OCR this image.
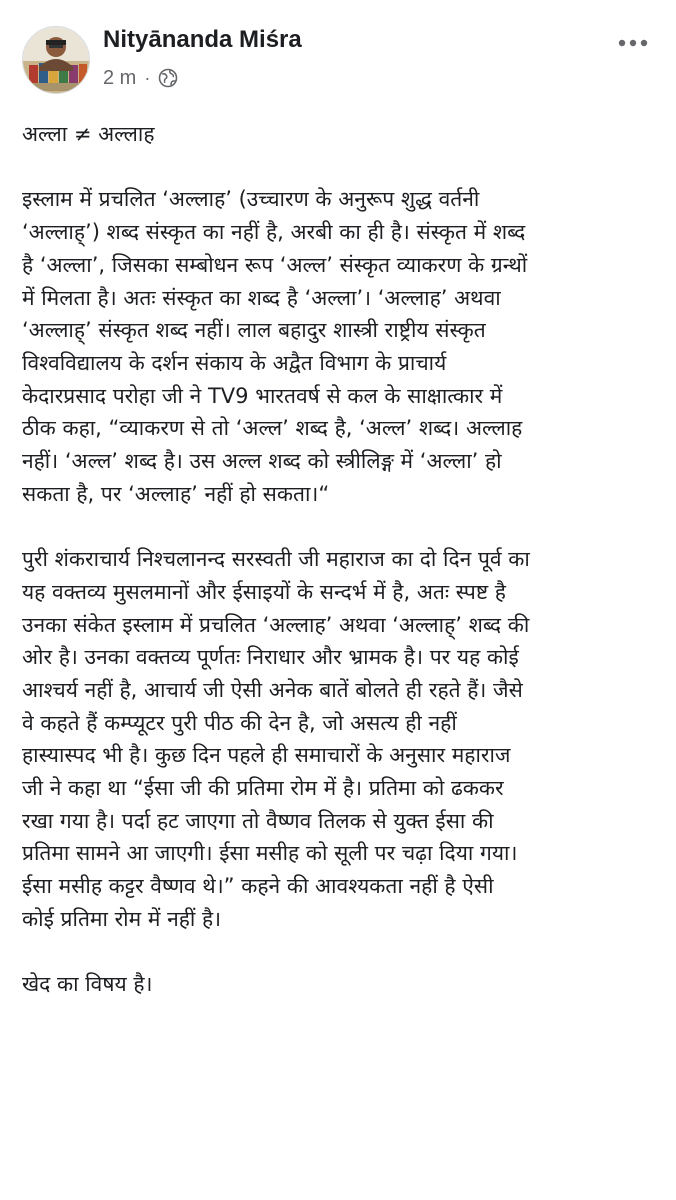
Nityānanda Miśra
2 m ·

अल्ला ≠ अल्लाह

इस्लाम में प्रचलित ‘अल्लाह’ (उच्चारण के अनुरूप शुद्ध वर्तनी
‘अल्लाह्’) शब्द संस्कृत का नहीं है, अरबी का ही है। संस्कृत में शब्द
है ‘अल्ला’, जिसका सम्बोधन रूप ‘अल्ल’ संस्कृत व्याकरण के ग्रन्थों
में मिलता है। अतः संस्कृत का शब्द है ‘अल्ला’। ‘अल्लाह’ अथवा
‘अल्लाह्’ संस्कृत शब्द नहीं। लाल बहादुर शास्त्री राष्ट्रीय संस्कृत
विश्वविद्यालय के दर्शन संकाय के अद्वैत विभाग के प्राचार्य
केदारप्रसाद परोहा जी ने TV9 भारतवर्ष से कल के साक्षात्कार में
ठीक कहा, “व्याकरण से तो ‘अल्ल’ शब्द है, ‘अल्ल’ शब्द। अल्लाह
नहीं। ‘अल्ल’ शब्द है। उस अल्ल शब्द को स्त्रीलिङ्ग में ‘अल्ला’ हो
सकता है, पर ‘अल्लाह’ नहीं हो सकता।“

पुरी शंकराचार्य निश्चलानन्द सरस्वती जी महाराज का दो दिन पूर्व का
यह वक्तव्य मुसलमानों और ईसाइयों के सन्दर्भ में है, अतः स्पष्ट है
उनका संकेत इस्लाम में प्रचलित ‘अल्लाह’ अथवा ‘अल्लाह्’ शब्द की
ओर है। उनका वक्तव्य पूर्णतः निराधार और भ्रामक है। पर यह कोई
आश्चर्य नहीं है, आचार्य जी ऐसी अनेक बातें बोलते ही रहते हैं। जैसे
वे कहते हैं कम्प्यूटर पुरी पीठ की देन है, जो असत्य ही नहीं
हास्यास्पद भी है। कुछ दिन पहले ही समाचारों के अनुसार महाराज
जी ने कहा था “ईसा जी की प्रतिमा रोम में है। प्रतिमा को ढककर
रखा गया है। पर्दा हट जाएगा तो वैष्णव तिलक से युक्त ईसा की
प्रतिमा सामने आ जाएगी। ईसा मसीह को सूली पर चढ़ा दिया गया।
ईसा मसीह कट्टर वैष्णव थे।” कहने की आवश्यकता नहीं है ऐसी
कोई प्रतिमा रोम में नहीं है।

खेद का विषय है।
